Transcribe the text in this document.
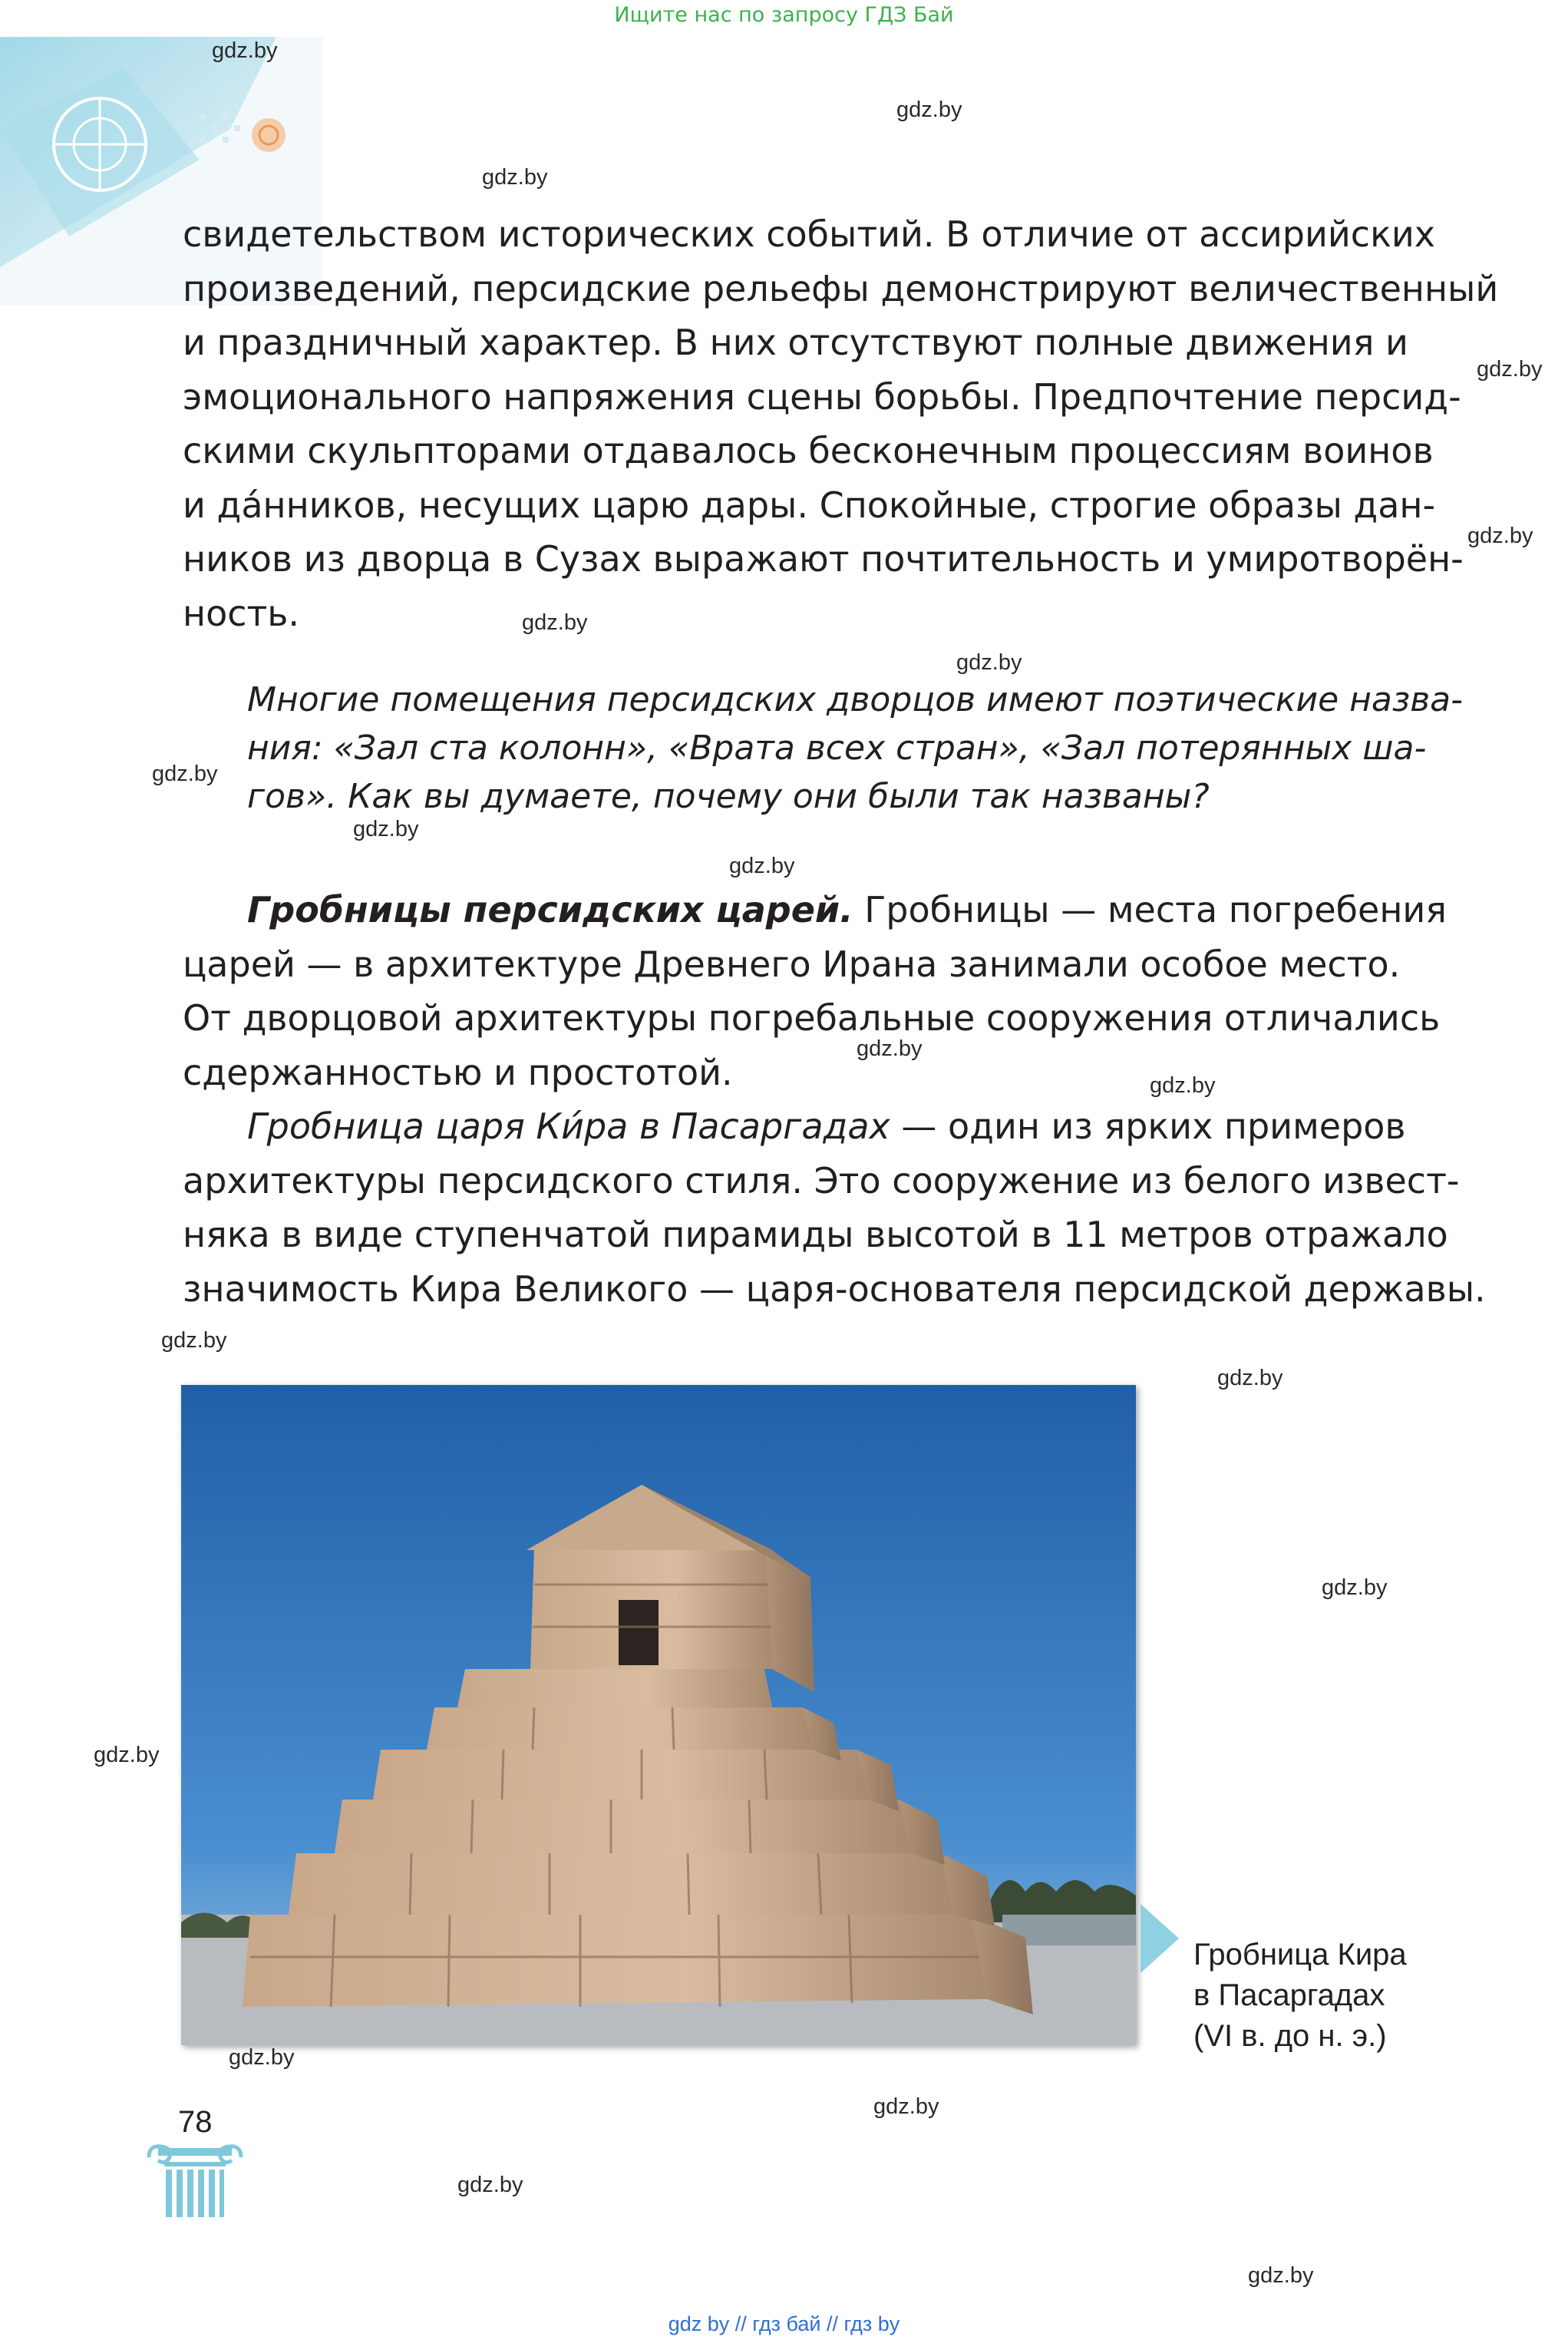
Ищите нас по запросу ГДЗ Бай
gdz.by
gdz.by
gdz.by
gdz.by
gdz.by
gdz.by
gdz.by
gdz.by
gdz.by
gdz.by
gdz.by
gdz.by
gdz.by
gdz.by
gdz.by
gdz.by
gdz.by
gdz.by
gdz.by
gdz.by
свидетельством исторических событий. В отличие от ассирийских
произведений, персидские рельефы демонстрируют величественный
и праздничный характер. В них отсутствуют полные движения и
эмоционального напряжения сцены борьбы. Предпочтение персид-
скими скульпторами отдавалось бесконечным процессиям воинов
и да́нников, несущих царю дары. Спокойные, строгие образы дан-
ников из дворца в Сузах выражают почтительность и умиротворён-
ность.
Многие помещения персидских дворцов имеют поэтические назва-
ния: «Зал ста колонн», «Врата всех стран», «Зал потерянных ша-
гов». Как вы думаете, почему они были так названы?
Гробницы персидских царей. Гробницы — места погребения
царей — в архитектуре Древнего Ирана занимали особое место.
От дворцовой архитектуры погребальные сооружения отличались
сдержанностью и простотой.
Гробница царя Ки́ра в Пасаргадах — один из ярких примеров
архитектуры персидского стиля. Это сооружение из белого извест-
няка в виде ступенчатой пирамиды высотой в 11 метров отражало
значимость Кира Великого — царя-основателя персидской державы.
Гробница Кира
в Пасаргадах
(VI в. до н. э.)
78
gdz by // гдз бай // гдз by
